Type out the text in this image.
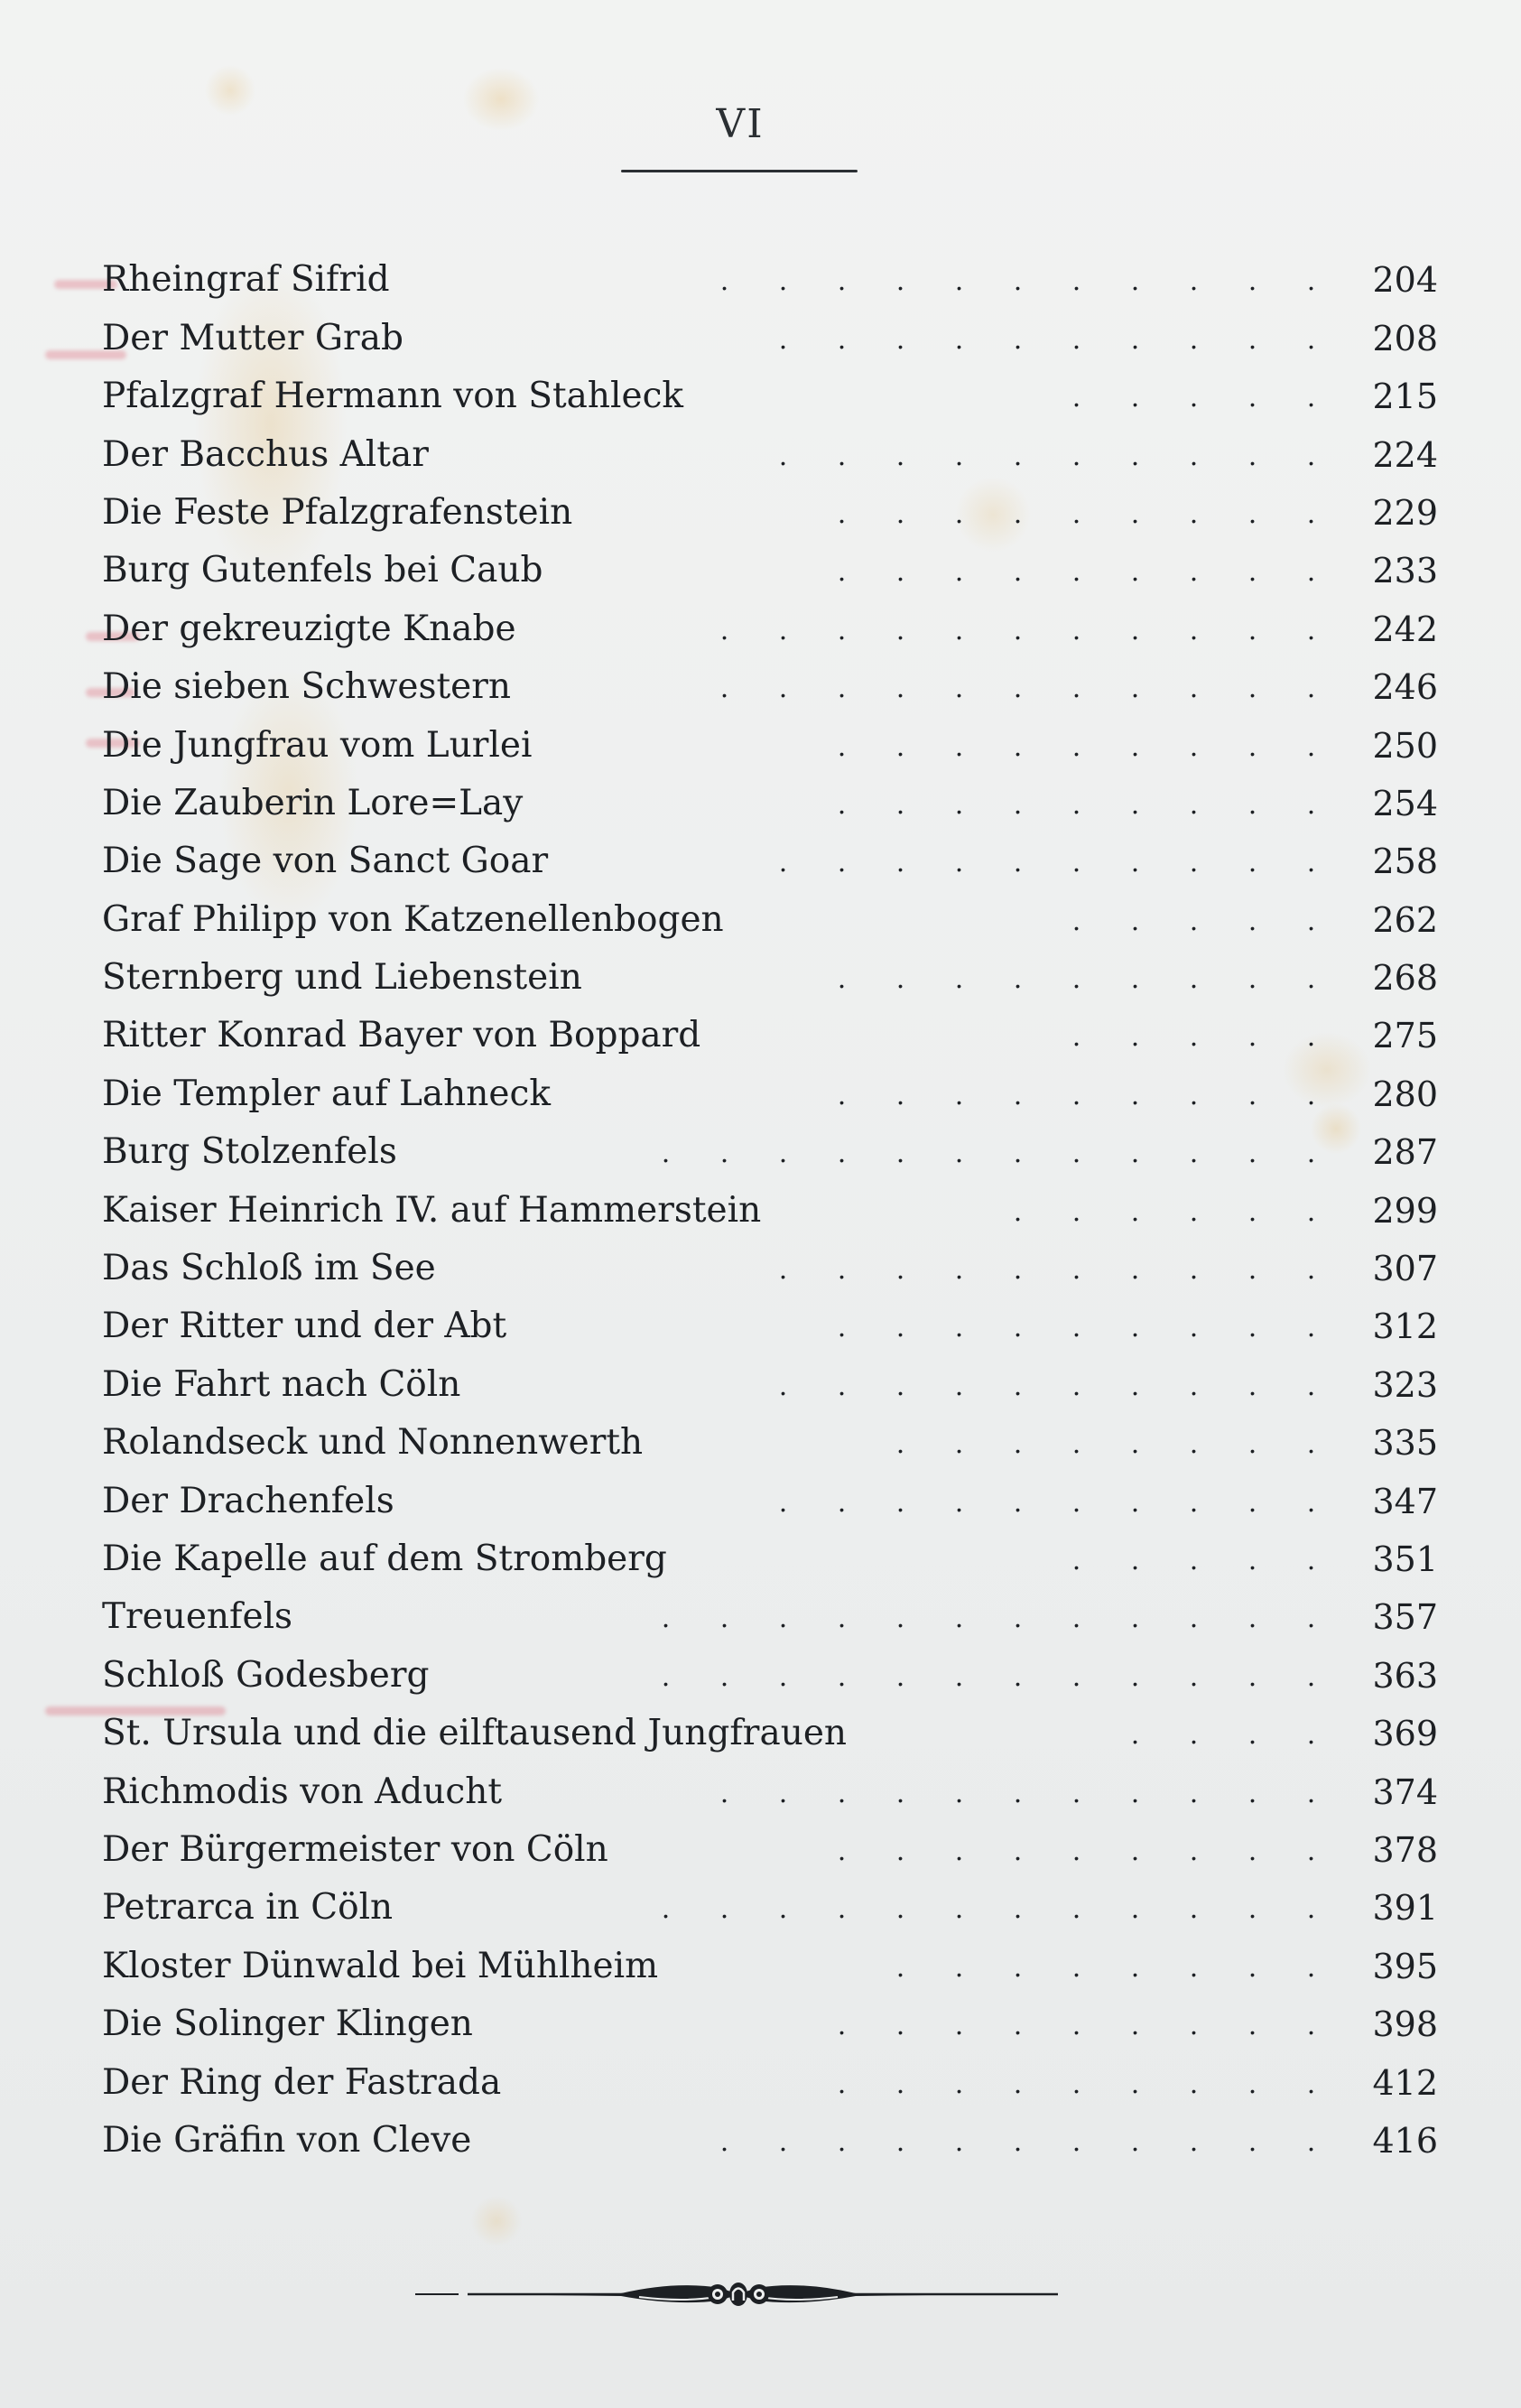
VI
Rheingraf Sifrid	.	.	.	.	.	.	.	.	.	.	.	204
Der Mutter Grab	.	.	.	.	.	.	.	.	.	.	208
Pfalzgraf Hermann von Stahleck	.	.	.	.	.	215
Der Bacchus Altar	.	.	.	.	.	.	.	.	.	.	224
Die Feste Pfalzgrafenstein	.	.	.	.	.	.	.	.	.	229
Burg Gutenfels bei Caub	.	.	.	.	.	.	.	.	.	233
Der gekreuzigte Knabe	.	.	.	.	.	.	.	.	.	.	.	242
Die sieben Schwestern	.	.	.	.	.	.	.	.	.	.	.	246
Die Jungfrau vom Lurlei	.	.	.	.	.	.	.	.	.	250
Die Zauberin Lore=Lay	.	.	.	.	.	.	.	.	.	254
Die Sage von Sanct Goar	.	.	.	.	.	.	.	.	.	.	258
Graf Philipp von Katzenellenbogen	.	.	.	.	.	262
Sternberg und Liebenstein	.	.	.	.	.	.	.	.	.	268
Ritter Konrad Bayer von Boppard	.	.	.	.	.	275
Die Templer auf Lahneck	.	.	.	.	.	.	.	.	.	280
Burg Stolzenfels	.	.	.	.	.	.	.	.	.	.	.	.	287
Kaiser Heinrich IV. auf Hammerstein	.	.	.	.	.	.	299
Das Schloß im See	.	.	.	.	.	.	.	.	.	.	307
Der Ritter und der Abt	.	.	.	.	.	.	.	.	.	312
Die Fahrt nach Cöln	.	.	.	.	.	.	.	.	.	.	323
Rolandseck und Nonnenwerth	.	.	.	.	.	.	.	.	335
Der Drachenfels	.	.	.	.	.	.	.	.	.	.	347
Die Kapelle auf dem Stromberg	.	.	.	.	.	351
Treuenfels	.	.	.	.	.	.	.	.	.	.	.	.	357
Schloß Godesberg	.	.	.	.	.	.	.	.	.	.	.	.	363
St. Ursula und die eilftausend Jungfrauen	.	.	.	.	369
Richmodis von Aducht	.	.	.	.	.	.	.	.	.	.	.	374
Der Bürgermeister von Cöln	.	.	.	.	.	.	.	.	.	378
Petrarca in Cöln	.	.	.	.	.	.	.	.	.	.	.	.	391
Kloster Dünwald bei Mühlheim	.	.	.	.	.	.	.	.	395
Die Solinger Klingen	.	.	.	.	.	.	.	.	.	398
Der Ring der Fastrada	.	.	.	.	.	.	.	.	.	412
Die Gräfin von Cleve	.	.	.	.	.	.	.	.	.	.	.	416
